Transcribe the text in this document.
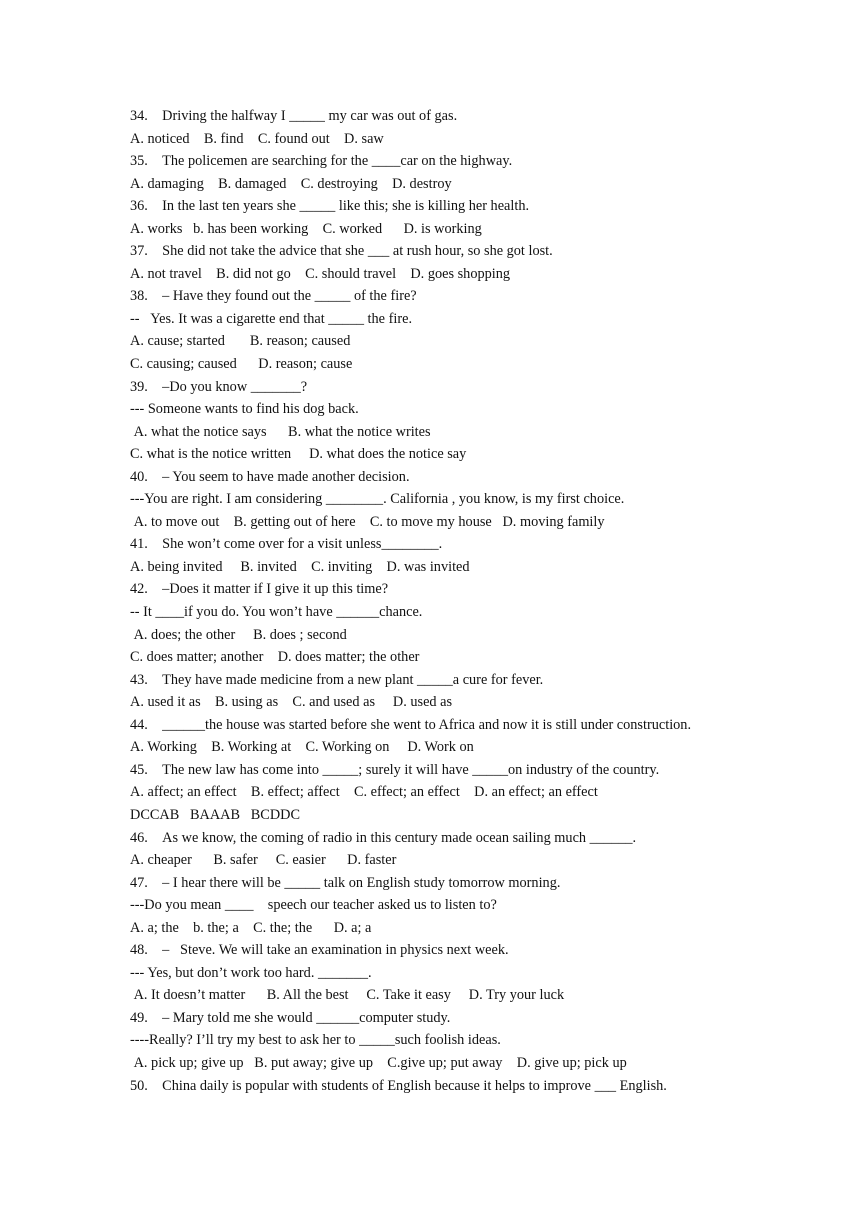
34.    Driving the halfway I _____ my car was out of gas.
A. noticed    B. find    C. found out    D. saw
35.    The policemen are searching for the ____car on the highway.
A. damaging    B. damaged    C. destroying    D. destroy
36.    In the last ten years she _____ like this; she is killing her health.
A. works   b. has been working    C. worked      D. is working
37.    She did not take the advice that she ___ at rush hour, so she got lost.
A. not travel    B. did not go    C. should travel    D. goes shopping
38.    – Have they found out the _____ of the fire?
--   Yes. It was a cigarette end that _____ the fire.
A. cause; started       B. reason; caused
C. causing; caused      D. reason; cause
39.    –Do you know _______?
--- Someone wants to find his dog back.
A. what the notice says      B. what the notice writes
C. what is the notice written     D. what does the notice say
40.    – You seem to have made another decision.
---You are right. I am considering ________. California , you know, is my first choice.
A. to move out    B. getting out of here    C. to move my house   D. moving family
41.    She won’t come over for a visit unless________.
A. being invited     B. invited    C. inviting    D. was invited
42.    –Does it matter if I give it up this time?
-- It ____if you do. You won’t have ______chance.
A. does; the other     B. does ; second
C. does matter; another    D. does matter; the other
43.    They have made medicine from a new plant _____a cure for fever.
A. used it as    B. using as    C. and used as     D. used as
44.    ______the house was started before she went to Africa and now it is still under construction.
A. Working    B. Working at    C. Working on     D. Work on
45.    The new law has come into _____; surely it will have _____on industry of the country.
A. affect; an effect    B. effect; affect    C. effect; an effect    D. an effect; an effect
DCCAB   BAAAB   BCDDC
46.    As we know, the coming of radio in this century made ocean sailing much ______.
A. cheaper      B. safer     C. easier      D. faster
47.    – I hear there will be _____ talk on English study tomorrow morning.
---Do you mean ____    speech our teacher asked us to listen to?
A. a; the    b. the; a    C. the; the      D. a; a
48.    –   Steve. We will take an examination in physics next week.
--- Yes, but don’t work too hard. _______.
A. It doesn’t matter      B. All the best     C. Take it easy     D. Try your luck
49.    – Mary told me she would ______computer study.
----Really? I’ll try my best to ask her to _____such foolish ideas.
A. pick up; give up   B. put away; give up    C.give up; put away    D. give up; pick up
50.    China daily is popular with students of English because it helps to improve ___ English.
